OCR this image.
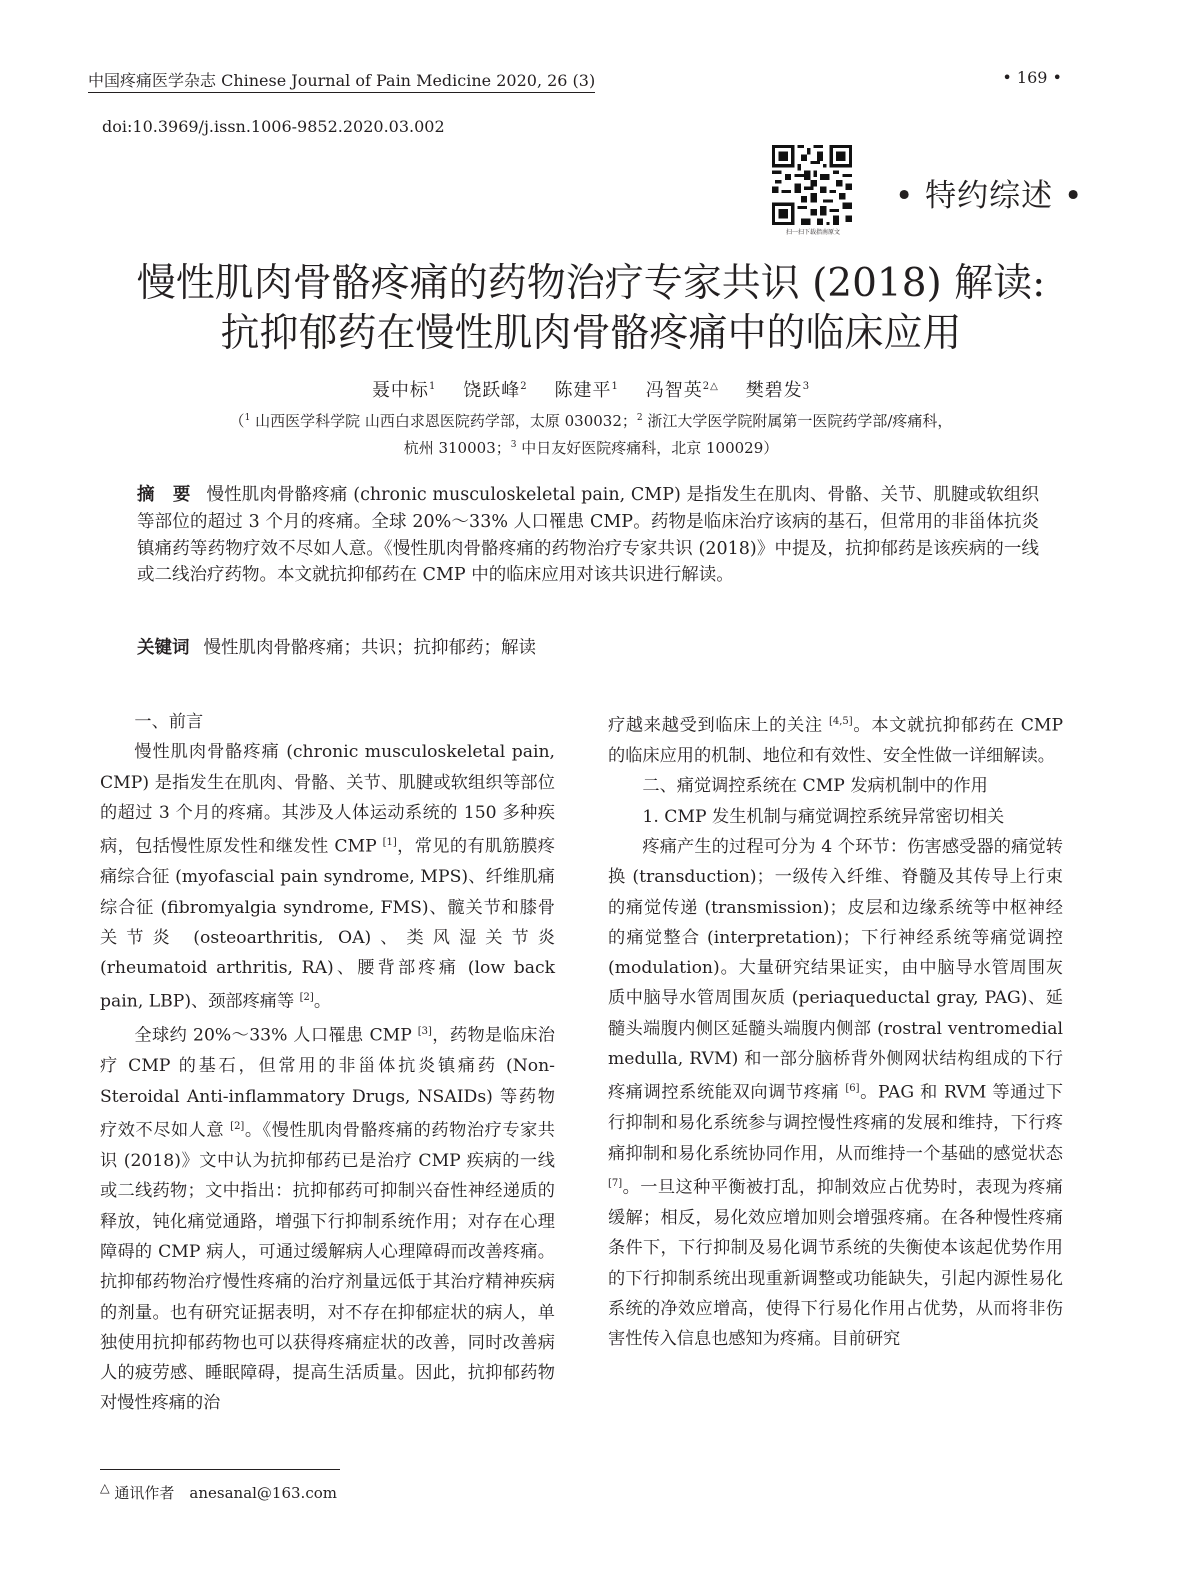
中国疼痛医学杂志 Chinese Journal of Pain Medicine 2020, 26 (3)	• 169 •
doi:10.3969/j.issn.1006-9852.2020.03.002
扫一扫下载指南原文
• 特约综述 •
慢性肌肉骨骼疼痛的药物治疗专家共识 (2018) 解读:
抗抑郁药在慢性肌肉骨骼疼痛中的临床应用
聂中标$^1$ 饶跃峰$^2$ 陈建平$^1$ 冯智英$^{2\triangle}$ 樊碧发$^3$
（$^1$ 山西医学科学院 山西白求恩医院药学部，太原 030032；$^2$ 浙江大学医学院附属第一医院药学部/疼痛科，
杭州 310003；$^3$ 中日友好医院疼痛科，北京 100029）
摘 要 慢性肌肉骨骼疼痛 (chronic musculoskeletal pain, CMP) 是指发生在肌肉、骨骼、关节、肌腱或软组织等部位的超过 3 个月的疼痛。全球 20%～33% 人口罹患 CMP。药物是临床治疗该病的基石，但常用的非甾体抗炎镇痛药等药物疗效不尽如人意。《慢性肌肉骨骼疼痛的药物治疗专家共识 (2018)》中提及，抗抑郁药是该疾病的一线或二线治疗药物。本文就抗抑郁药在 CMP 中的临床应用对该共识进行解读。
关键词 慢性肌肉骨骼疼痛；共识；抗抑郁药；解读

一、前言

慢性肌肉骨骼疼痛 (chronic musculoskeletal pain, CMP) 是指发生在肌肉、骨骼、关节、肌腱或软组织等部位的超过 3 个月的疼痛。其涉及人体运动系统的 150 多种疾病，包括慢性原发性和继发性 CMP [1]，常见的有肌筋膜疼痛综合征 (myofascial pain syndrome, MPS)、纤维肌痛综合征 (fibromyalgia syndrome, FMS)、髋关节和膝骨关节炎 (osteoarthritis, OA)、类风湿关节炎 (rheumatoid arthritis, RA)、腰背部疼痛 (low back pain, LBP)、颈部疼痛等 [2]。

全球约 20%～33% 人口罹患 CMP [3]，药物是临床治疗 CMP 的基石，但常用的非甾体抗炎镇痛药 (Non-Steroidal Anti-inflammatory Drugs, NSAIDs) 等药物疗效不尽如人意 [2]。《慢性肌肉骨骼疼痛的药物治疗专家共识 (2018)》文中认为抗抑郁药已是治疗 CMP 疾病的一线或二线药物；文中指出：抗抑郁药可抑制兴奋性神经递质的释放，钝化痛觉通路，增强下行抑制系统作用；对存在心理障碍的 CMP 病人，可通过缓解病人心理障碍而改善疼痛。抗抑郁药物治疗慢性疼痛的治疗剂量远低于其治疗精神疾病的剂量。也有研究证据表明，对不存在抑郁症状的病人，单独使用抗抑郁药物也可以获得疼痛症状的改善，同时改善病人的疲劳感、睡眠障碍，提高生活质量。因此，抗抑郁药物对慢性疼痛的治

疗越来越受到临床上的关注 [4,5]。本文就抗抑郁药在 CMP 的临床应用的机制、地位和有效性、安全性做一详细解读。

二、痛觉调控系统在 CMP 发病机制中的作用

1. CMP 发生机制与痛觉调控系统异常密切相关

疼痛产生的过程可分为 4 个环节：伤害感受器的痛觉转换 (transduction)；一级传入纤维、脊髓及其传导上行束的痛觉传递 (transmission)；皮层和边缘系统等中枢神经的痛觉整合 (interpretation)；下行神经系统等痛觉调控 (modulation)。大量研究结果证实，由中脑导水管周围灰质中脑导水管周围灰质 (periaqueductal gray, PAG)、延髓头端腹内侧区延髓头端腹内侧部 (rostral ventromedial medulla, RVM) 和一部分脑桥背外侧网状结构组成的下行疼痛调控系统能双向调节疼痛 [6]。PAG 和 RVM 等通过下行抑制和易化系统参与调控慢性疼痛的发展和维持，下行疼痛抑制和易化系统协同作用，从而维持一个基础的感觉状态 [7]。一旦这种平衡被打乱，抑制效应占优势时，表现为疼痛缓解；相反，易化效应增加则会增强疼痛。在各种慢性疼痛条件下，下行抑制及易化调节系统的失衡使本该起优势作用的下行抑制系统出现重新调整或功能缺失，引起内源性易化系统的净效应增高，使得下行易化作用占优势，从而将非伤害性传入信息也感知为疼痛。目前研究

△ 通讯作者　anesanal@163.com
